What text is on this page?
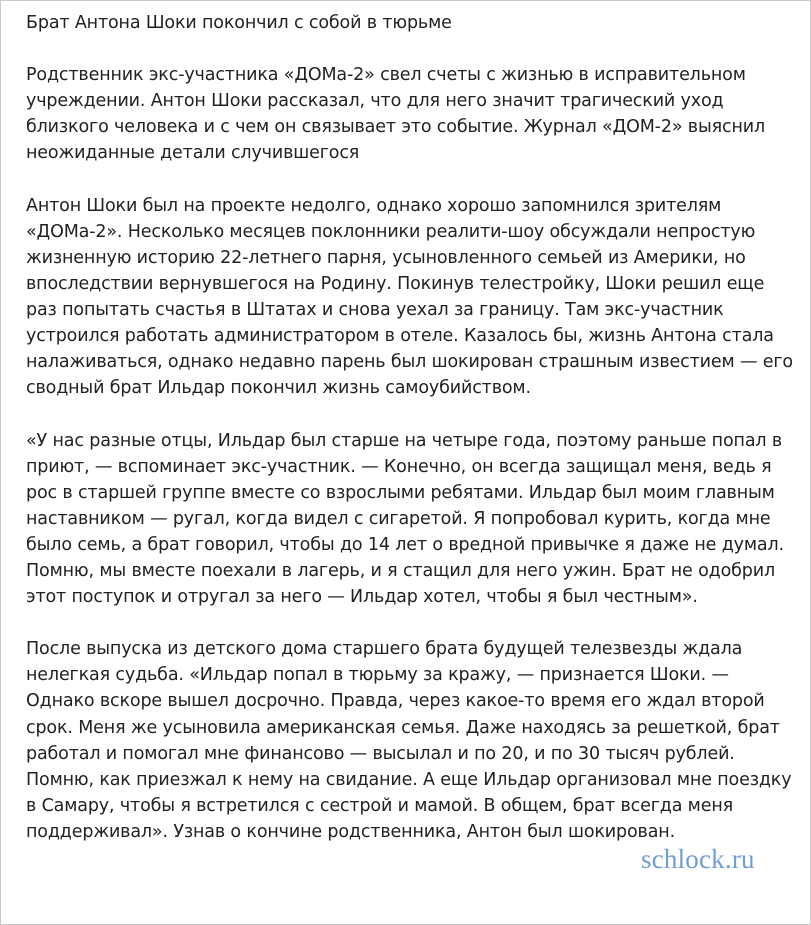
Брат Антона Шоки покончил с собой в тюрьме

Родственник экс-участника «ДОМа-2» свел счеты с жизнью в исправительном учреждении. Антон Шоки рассказал, что для него значит трагический уход близкого человека и с чем он связывает это событие. Журнал «ДОМ-2» выяснил неожиданные детали случившегося

Антон Шоки был на проекте недолго, однако хорошо запомнился зрителям «ДОМа-2». Несколько месяцев поклонники реалити-шоу обсуждали непростую жизненную историю 22-летнего парня, усыновленного семьей из Америки, но впоследствии вернувшегося на Родину. Покинув телестройку, Шоки решил еще раз попытать счастья в Штатах и снова уехал за границу. Там экс-участник устроился работать администратором в отеле. Казалось бы, жизнь Антона стала налаживаться, однако недавно парень был шокирован страшным известием — его сводный брат Ильдар покончил жизнь самоубийством.

«У нас разные отцы, Ильдар был старше на четыре года, поэтому раньше попал в приют, — вспоминает экс-участник. — Конечно, он всегда защищал меня, ведь я рос в старшей группе вместе со взрослыми ребятами. Ильдар был моим главным наставником — ругал, когда видел с сигаретой. Я попробовал курить, когда мне было семь, а брат говорил, чтобы до 14 лет о вредной привычке я даже не думал. Помню, мы вместе поехали в лагерь, и я стащил для него ужин. Брат не одобрил этот поступок и отругал за него — Ильдар хотел, чтобы я был честным».

После выпуска из детского дома старшего брата будущей телезвезды ждала нелегкая судьба. «Ильдар попал в тюрьму за кражу, — признается Шоки. — Однако вскоре вышел досрочно. Правда, через какое-то время его ждал второй срок. Меня же усыновила американская семья. Даже находясь за решеткой, брат работал и помогал мне финансово — высылал и по 20, и по 30 тысяч рублей. Помню, как приезжал к нему на свидание. А еще Ильдар организовал мне поездку в Самару, чтобы я встретился с сестрой и мамой. В общем, брат всегда меня поддерживал». Узнав о кончине родственника, Антон был шокирован.

schlock.ru
